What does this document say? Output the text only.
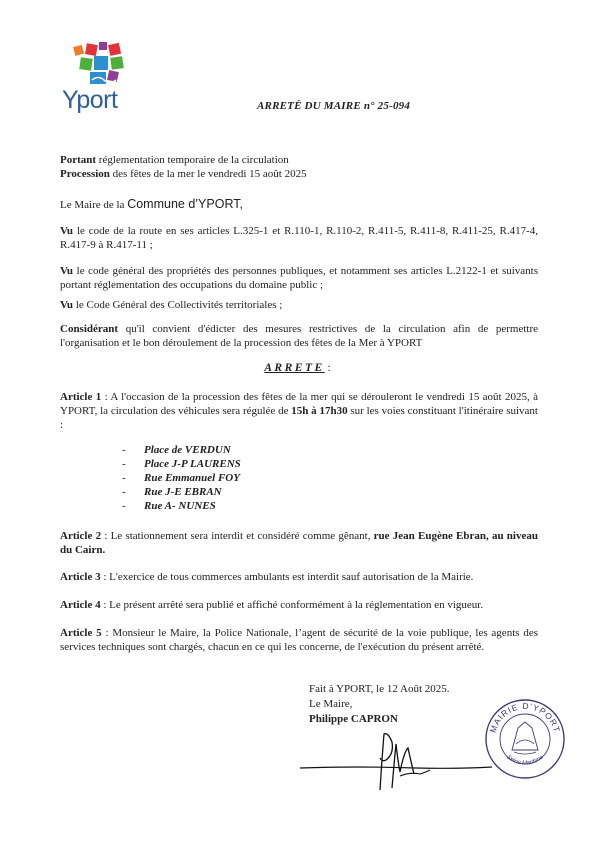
Yport	ARRETÉ DU MAIRE n° 25-094
Portant réglementation temporaire de la circulation
Procession des fêtes de la mer le vendredi 15 août 2025
Le Maire de la Commune d’YPORT,
Vu le code de la route en ses articles L.325-1 et R.110-1, R.110-2, R.411-5, R.411-8, R.411-25, R.417-4, R.417-9 à R.417-11 ;
Vu le code général des propriétés des personnes publiques, et notamment ses articles L.2122-1 et suivants portant réglementation des occupations du domaine public ;
Vu le Code Général des Collectivités territoriales ;
Considérant qu'il convient d'édicter des mesures restrictives de la circulation afin de permettre l'organisation et le bon déroulement de la procession des fêtes de la Mer à YPORT
ARRETE :
Article 1 : A l'occasion de la procession des fêtes de la mer qui se dérouleront le vendredi 15 août 2025, à YPORT, la circulation des véhicules sera régulée de 15h à 17h30 sur les voies constituant l'itinéraire suivant :
-	Place de VERDUN
-	Place J-P LAURENS
-	Rue Emmanuel FOY
-	Rue J-E EBRAN
-	Rue A- NUNES
Article 2 : Le stationnement sera interdit et considéré comme gênant, rue Jean Eugène Ebran, au niveau du Cairn.
Article 3 : L'exercice de tous commerces ambulants est interdit sauf autorisation de la Mairie.
Article 4 : Le présent arrêté sera publié et affiché conformément à la réglementation en vigueur.
Article 5 : Monsieur le Maire, la Police Nationale, l’agent de sécurité de la voie publique, les agents des services techniques sont chargés, chacun en ce qui les concerne, de l'exécution du présent arrêté.
Fait à YPORT, le 12 Août 2025.
Le Maire,
Philippe CAPRON
MAIRIE D'YPORT
Seine Maritime
